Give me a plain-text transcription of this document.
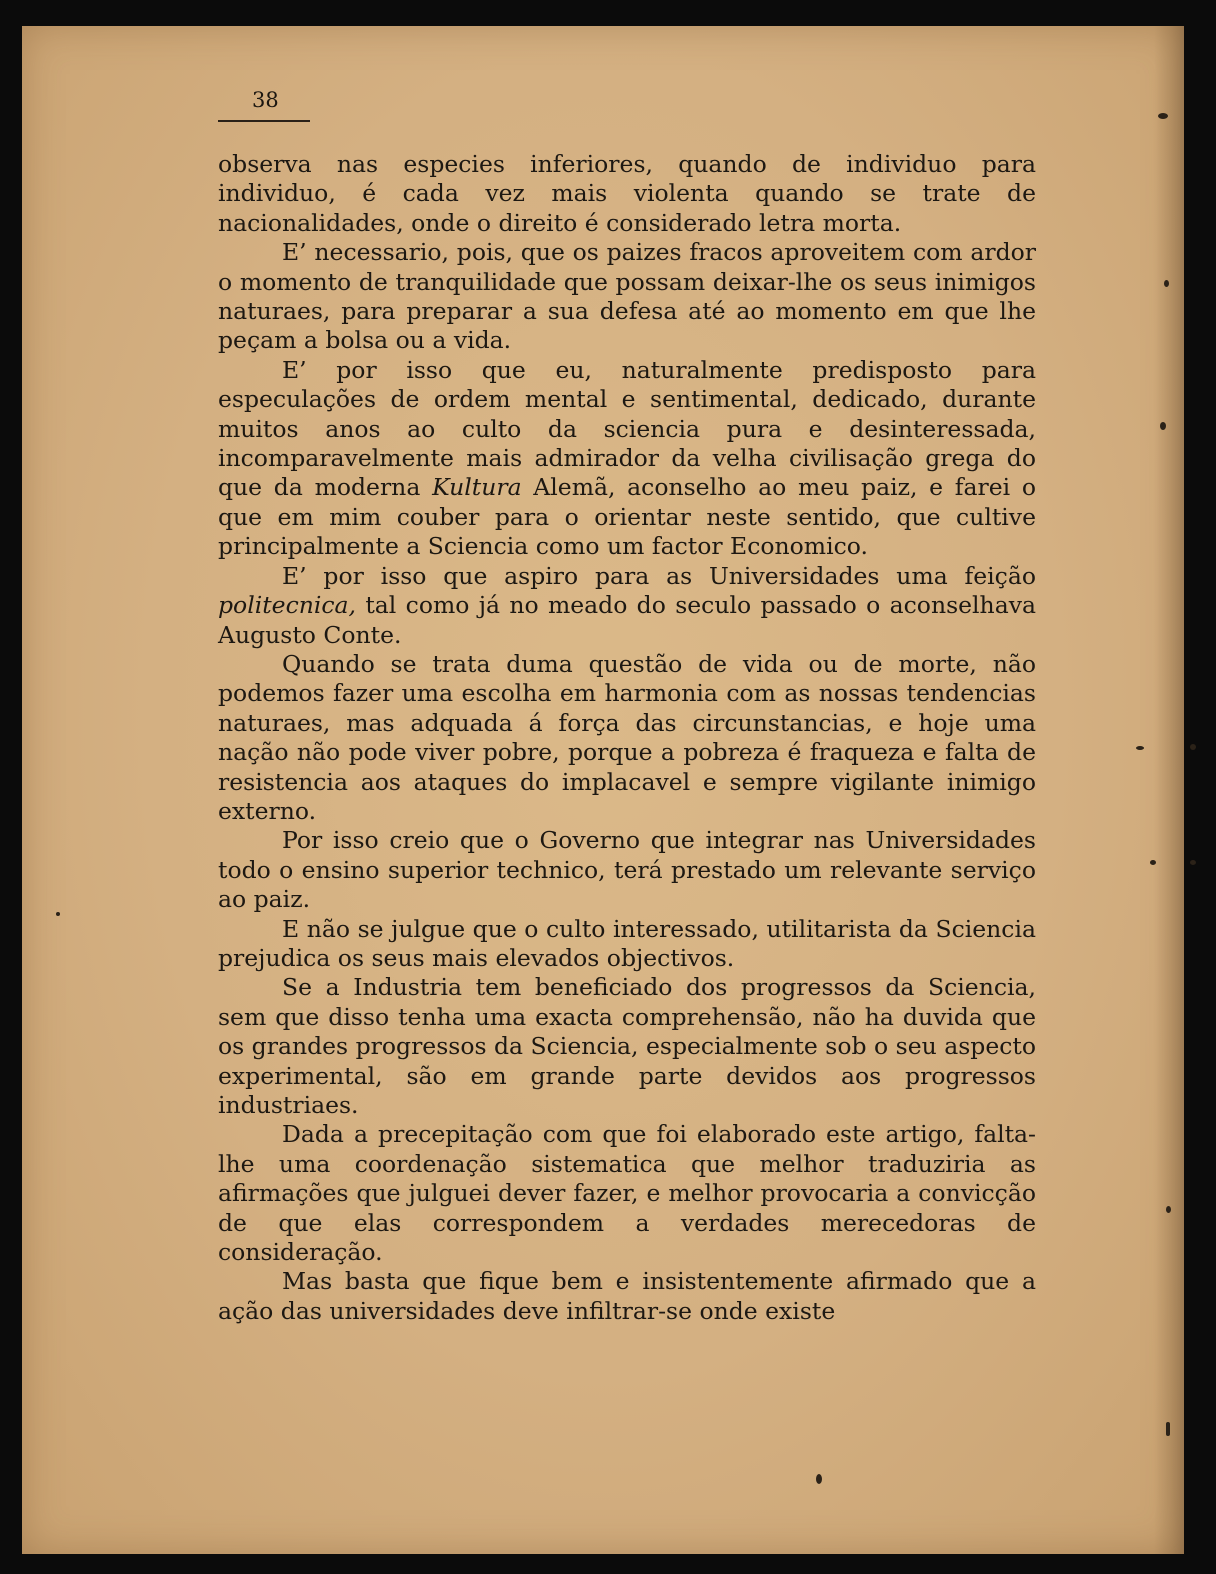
38

observa nas especies inferiores, quando de individuo para individuo, é cada vez mais violenta quando se trate de nacionalidades, onde o direito é considerado letra morta.

E’ necessario, pois, que os paizes fracos aproveitem com ardor o momento de tranquilidade que possam deixar-lhe os seus inimigos naturaes, para preparar a sua defesa até ao momento em que lhe peçam a bolsa ou a vida.

E’ por isso que eu, naturalmente predisposto para especulações de ordem mental e sentimental, dedicado, durante muitos anos ao culto da sciencia pura e desinteressada, incomparavelmente mais admirador da velha civilisação grega do que da moderna Kultura Alemã, aconselho ao meu paiz, e farei o que em mim couber para o orientar neste sentido, que cultive principalmente a Sciencia como um factor Economico.

E’ por isso que aspiro para as Universidades uma feição politecnica, tal como já no meado do seculo passado o aconselhava Augusto Conte.

Quando se trata duma questão de vida ou de morte, não podemos fazer uma escolha em harmonia com as nossas tendencias naturaes, mas adquada á força das circunstancias, e hoje uma nação não pode viver pobre, porque a pobreza é fraqueza e falta de resistencia aos ataques do implacavel e sempre vigilante inimigo externo.

Por isso creio que o Governo que integrar nas Universidades todo o ensino superior technico, terá prestado um relevante serviço ao paiz.

E não se julgue que o culto interessado, utilitarista da Sciencia prejudica os seus mais elevados objectivos.

Se a Industria tem beneficiado dos progressos da Sciencia, sem que disso tenha uma exacta comprehensão, não ha duvida que os grandes progressos da Sciencia, especialmente sob o seu aspecto experimental, são em grande parte devidos aos progressos industriaes.

Dada a precepitação com que foi elaborado este artigo, falta-lhe uma coordenação sistematica que melhor traduziria as afirmações que julguei dever fazer, e melhor provocaria a convicção de que elas correspondem a verdades merecedoras de consideração.

Mas basta que fique bem e insistentemente afirmado que a ação das universidades deve infiltrar-se onde existe
